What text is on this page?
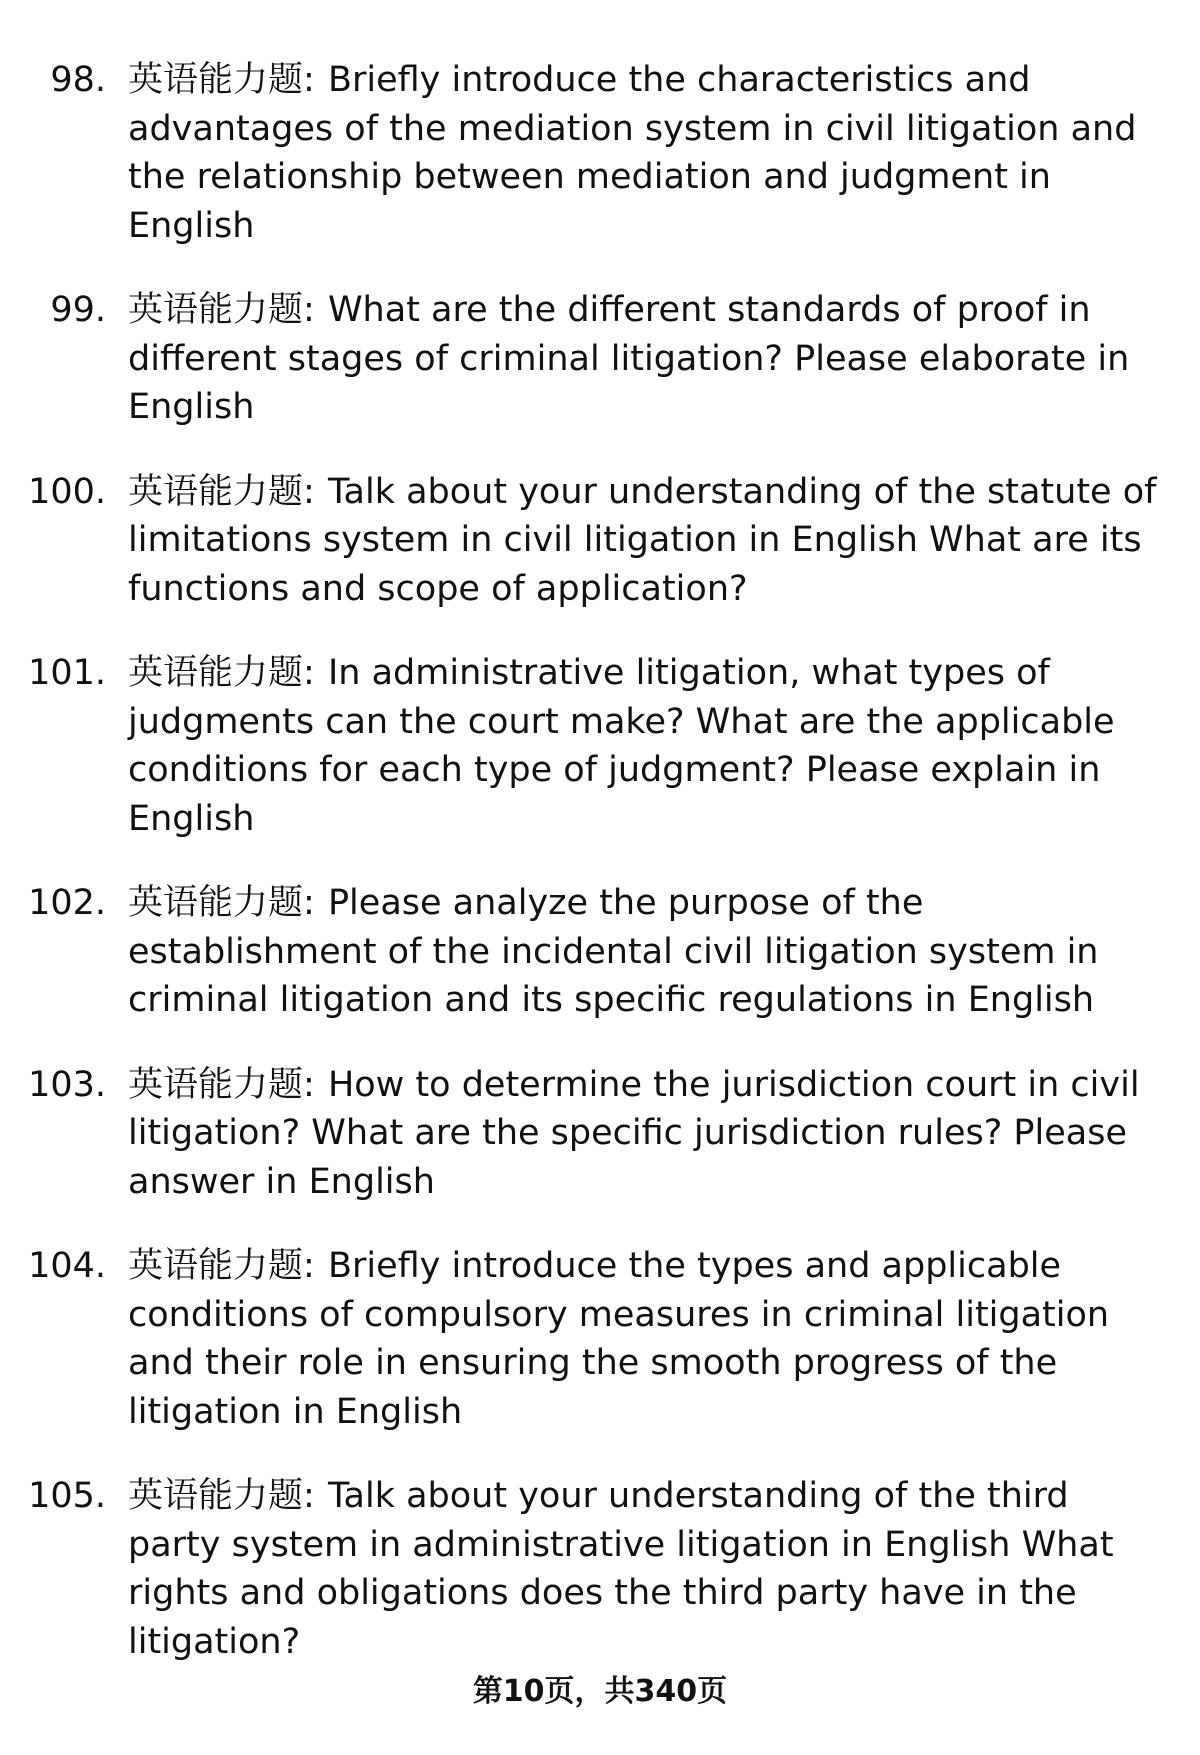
98. 英语能力题: Briefly introduce the characteristics and advantages of the mediation system in civil litigation and the relationship between mediation and judgment in English
99. 英语能力题: What are the different standards of proof in different stages of criminal litigation? Please elaborate in English
100. 英语能力题: Talk about your understanding of the statute of limitations system in civil litigation in English What are its functions and scope of application?
101. 英语能力题: In administrative litigation, what types of judgments can the court make? What are the applicable conditions for each type of judgment? Please explain in English
102. 英语能力题: Please analyze the purpose of the establishment of the incidental civil litigation system in criminal litigation and its specific regulations in English
103. 英语能力题: How to determine the jurisdiction court in civil litigation? What are the specific jurisdiction rules? Please answer in English
104. 英语能力题: Briefly introduce the types and applicable conditions of compulsory measures in criminal litigation and their role in ensuring the smooth progress of the litigation in English
105. 英语能力题: Talk about your understanding of the third party system in administrative litigation in English What rights and obligations does the third party have in the litigation?
第10页，共340页
